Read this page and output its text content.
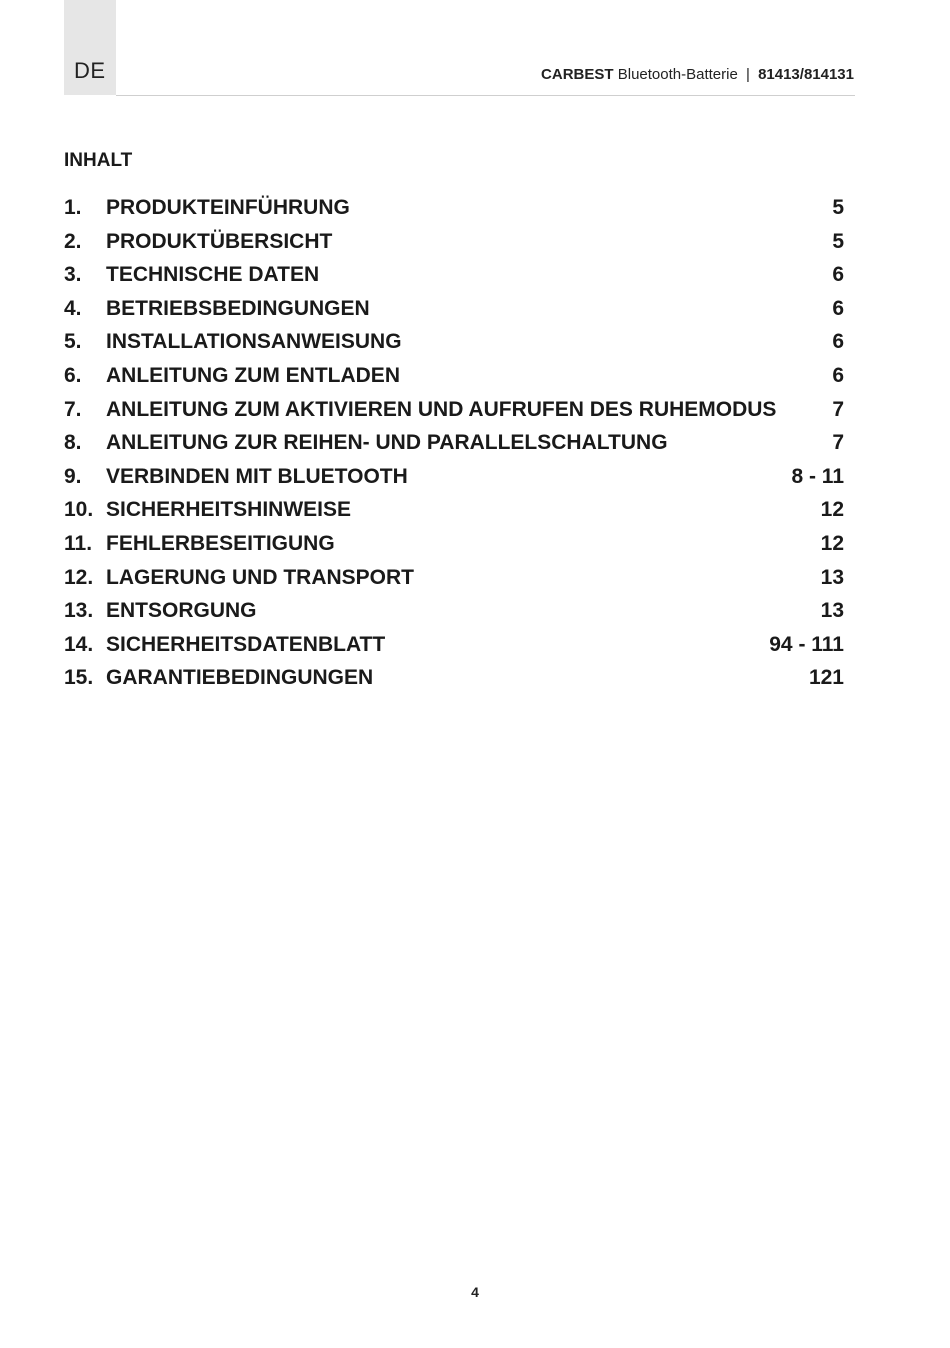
DE	CARBEST Bluetooth-Batterie | 81413/814131
INHALT
1.	PRODUKTEINFÜHRUNG	5
2.	PRODUKTÜBERSICHT	5
3.	TECHNISCHE DATEN	6
4.	BETRIEBSBEDINGUNGEN	6
5.	INSTALLATIONSANWEISUNG	6
6.	ANLEITUNG ZUM ENTLADEN	6
7.	ANLEITUNG ZUM AKTIVIEREN UND AUFRUFEN DES RUHEMODUS	7
8.	ANLEITUNG ZUR REIHEN- UND PARALLELSCHALTUNG	7
9.	VERBINDEN MIT BLUETOOTH	8 - 11
10. SICHERHEITSHINWEISE	12
11. FEHLERBESEITIGUNG	12
12. LAGERUNG UND TRANSPORT	13
13. ENTSORGUNG	13
14. SICHERHEITSDATENBLATT	94 - 111
15. GARANTIEBEDINGUNGEN	121
4
